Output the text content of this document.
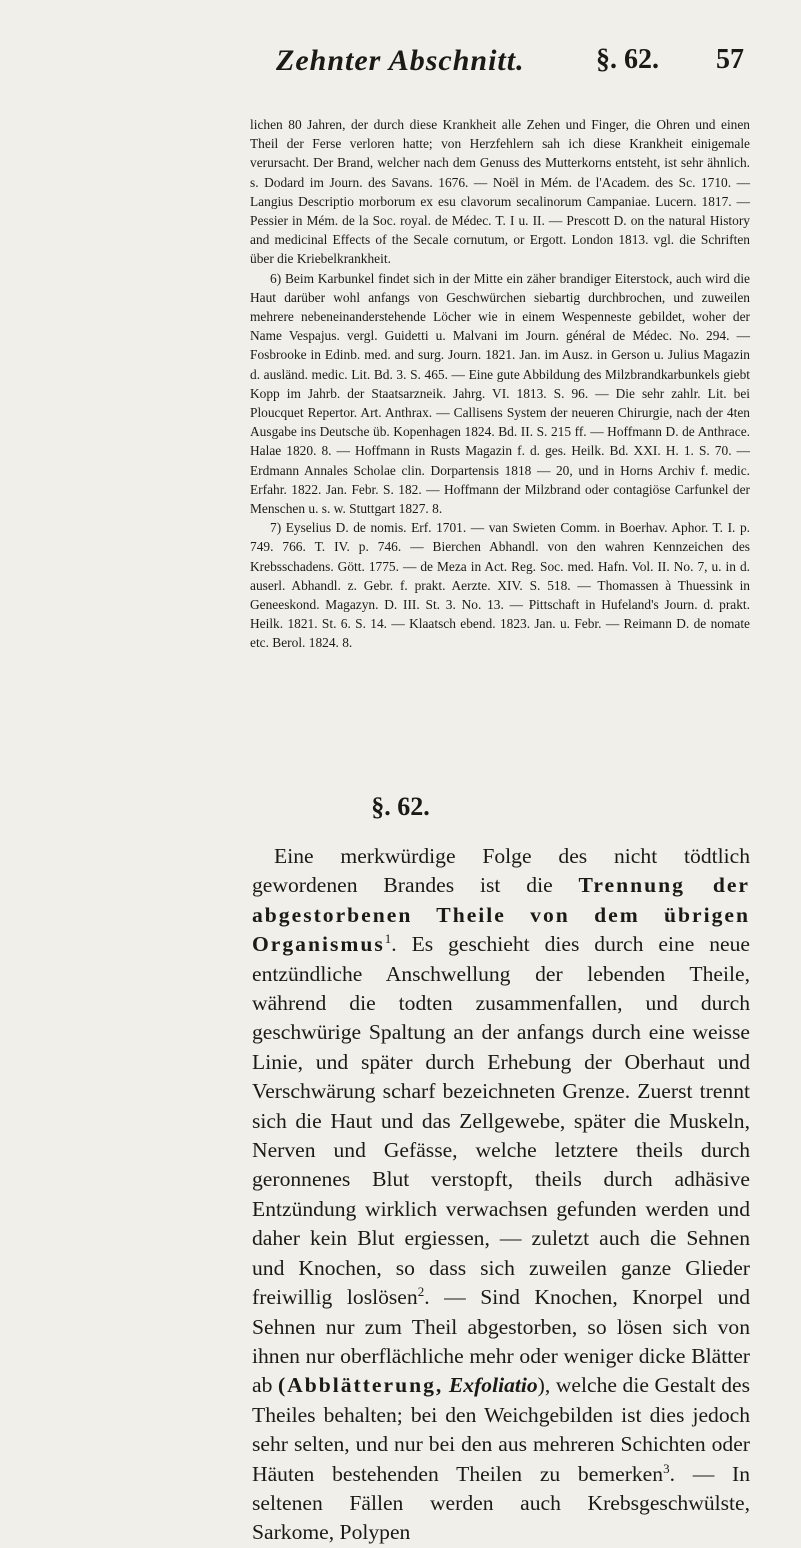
Zehnter Abschnitt.	§. 62. 57

lichen 80 Jahren, der durch diese Krankheit alle Zehen und Finger, die Ohren und einen Theil der Ferse verloren hatte; von Herzfehlern sah ich diese Krankheit einigemale verursacht. Der Brand, welcher nach dem Genuss des Mutterkorns entsteht, ist sehr ähnlich. s. Dodard im Journ. des Savans. 1676. — Noël in Mém. de l'Academ. des Sc. 1710. — Langius Descriptio morborum ex esu clavorum secalinorum Campaniae. Lucern. 1817. — Pessier in Mém. de la Soc. royal. de Médec. T. I u. II. — Prescott D. on the natural History and medicinal Effects of the Secale cornutum, or Ergott. London 1813. vgl. die Schriften über die Kriebelkrankheit.

6) Beim Karbunkel findet sich in der Mitte ein zäher brandiger Eiterstock, auch wird die Haut darüber wohl anfangs von Geschwürchen siebartig durchbrochen, und zuweilen mehrere nebeneinanderstehende Löcher wie in einem Wespenneste gebildet, woher der Name Vespajus. vergl. Guidetti u. Malvani im Journ. général de Médec. No. 294. — Fosbrooke in Edinb. med. and surg. Journ. 1821. Jan. im Ausz. in Gerson u. Julius Magazin d. ausländ. medic. Lit. Bd. 3. S. 465. — Eine gute Abbildung des Milzbrandkarbunkels giebt Kopp im Jahrb. der Staatsarzneik. Jahrg. VI. 1813. S. 96. — Die sehr zahlr. Lit. bei Ploucquet Repertor. Art. Anthrax. — Callisens System der neueren Chirurgie, nach der 4ten Ausgabe ins Deutsche üb. Kopenhagen 1824. Bd. II. S. 215 ff. — Hoffmann D. de Anthrace. Halae 1820. 8. — Hoffmann in Rusts Magazin f. d. ges. Heilk. Bd. XXI. H. 1. S. 70. — Erdmann Annales Scholae clin. Dorpartensis 1818 — 20, und in Horns Archiv f. medic. Erfahr. 1822. Jan. Febr. S. 182. — Hoffmann der Milzbrand oder contagiöse Carfunkel der Menschen u. s. w. Stuttgart 1827. 8.

7) Eyselius D. de nomis. Erf. 1701. — van Swieten Comm. in Boerhav. Aphor. T. I. p. 749. 766. T. IV. p. 746. — Bierchen Abhandl. von den wahren Kennzeichen des Krebsschadens. Gött. 1775. — de Meza in Act. Reg. Soc. med. Hafn. Vol. II. No. 7, u. in d. auserl. Abhandl. z. Gebr. f. prakt. Aerzte. XIV. S. 518. — Thomassen à Thuessink in Geneeskond. Magazyn. D. III. St. 3. No. 13. — Pittschaft in Hufeland's Journ. d. prakt. Heilk. 1821. St. 6. S. 14. — Klaatsch ebend. 1823. Jan. u. Febr. — Reimann D. de nomate etc. Berol. 1824. 8.

§. 62.

Eine merkwürdige Folge des nicht tödtlich gewordenen Brandes ist die Trennung der abgestorbenen Theile von dem übrigen Organismus$^1$. Es geschieht dies durch eine neue entzündliche Anschwellung der lebenden Theile, während die todten zusammenfallen, und durch geschwürige Spaltung an der anfangs durch eine weisse Linie, und später durch Erhebung der Oberhaut und Verschwärung scharf bezeichneten Grenze. Zuerst trennt sich die Haut und das Zellgewebe, später die Muskeln, Nerven und Gefässe, welche letztere theils durch geronnenes Blut verstopft, theils durch adhäsive Entzündung wirklich verwachsen gefunden werden und daher kein Blut ergiessen, — zuletzt auch die Sehnen und Knochen, so dass sich zuweilen ganze Glieder freiwillig loslösen$^2$. — Sind Knochen, Knorpel und Sehnen nur zum Theil abgestorben, so lösen sich von ihnen nur oberflächliche mehr oder weniger dicke Blätter ab (Abblätterung, Exfoliatio), welche die Gestalt des Theiles behalten; bei den Weichgebilden ist dies jedoch sehr selten, und nur bei den aus mehreren Schichten oder Häuten bestehenden Theilen zu bemerken$^3$. — In seltenen Fällen werden auch Krebsgeschwülste, Sarkome, Polypen
